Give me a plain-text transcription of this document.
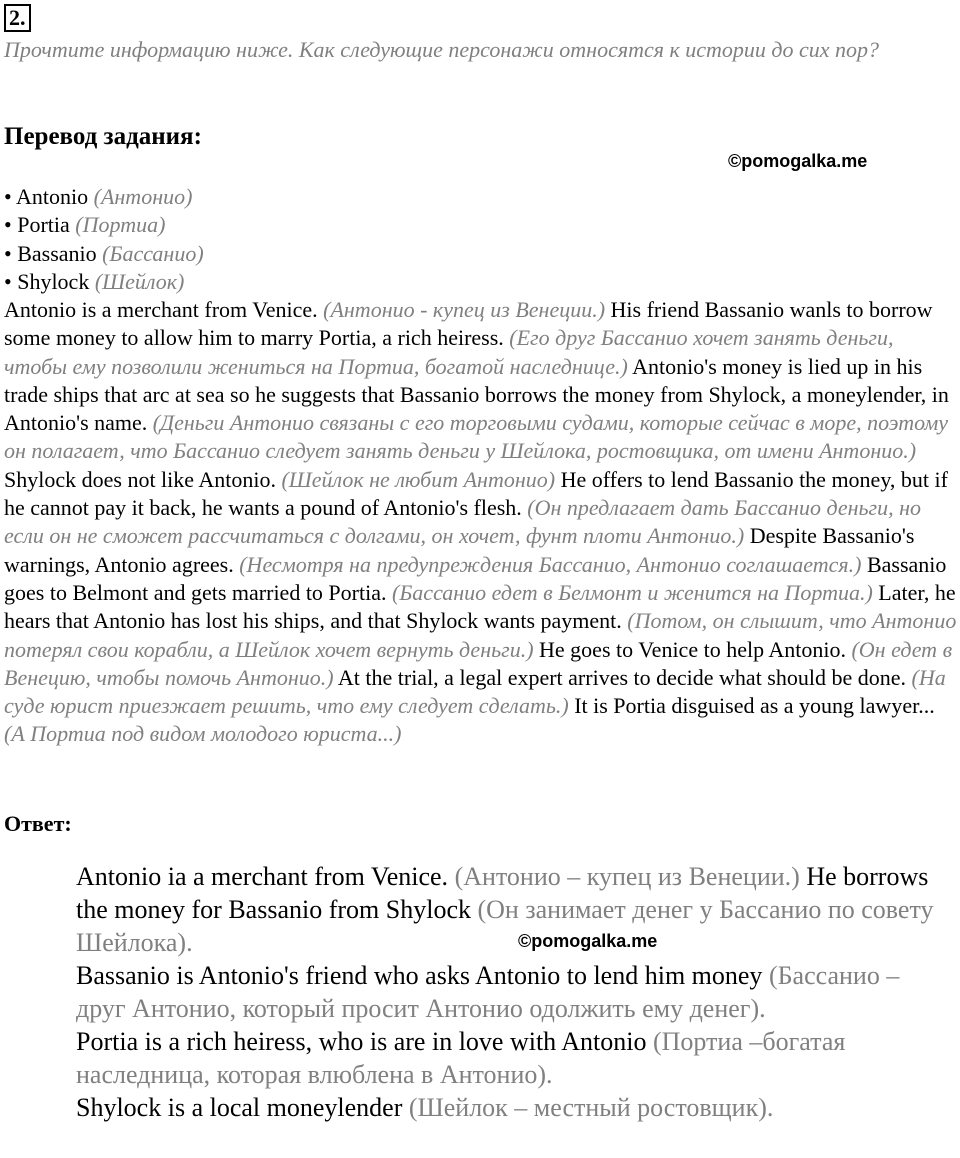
2.
Прочтите информацию ниже. Как следующие персонажи относятся к истории до сих пор?
Перевод задания:
©pomogalka.me
• Antonio (Антонио)
• Portia (Портиа)
• Bassanio (Бассанио)
• Shylock (Шейлок)
Antonio is a merchant from Venice. (Антонио - купец из Венеции.) His friend Bassanio wanls to borrow some money to allow him to marry Portia, a rich heiress. (Его друг Бассанио хочет занять деньги, чтобы ему позволили жениться на Портиа, богатой наследнице.) Antonio's money is lied up in his trade ships that arc at sea so he suggests that Bassanio borrows the money from Shylock, a moneylender, in Antonio's name. (Деньги Антонио связаны с его торговыми судами, которые сейчас в море, поэтому он полагает, что Бассанио следует занять деньги у Шейлока, ростовщика, от имени Антонио.) Shylock does not like Antonio. (Шейлок не любит Антонио) He offers to lend Bassanio the money, but if he cannot pay it back, he wants a pound of Antonio's flesh. (Он предлагает дать Бассанио деньги, но если он не сможет рассчитаться с долгами, он хочет, фунт плоти Антонио.) Despite Bassanio's warnings, Antonio agrees. (Несмотря на предупреждения Бассанио, Антонио соглашается.) Bassanio goes to Belmont and gets married to Portia. (Бассанио едет в Белмонт и женится на Портиа.) Later, he hears that Antonio has lost his ships, and that Shylock wants payment. (Потом, он слышит, что Антонио потерял свои корабли, а Шейлок хочет вернуть деньги.) He goes to Venice to help Antonio. (Он едет в Венецию, чтобы помочь Антонио.) At the trial, a legal expert arrives to decide what should be done. (На суде юрист приезжает решить, что ему следует сделать.) It is Portia disguised as a young lawyer... (А Портиа под видом молодого юриста...)
Ответ:

Antonio ia a merchant from Venice. (Антонио – купец из Венеции.) He borrows the money for Bassanio from Shylock (Он занимает денег у Бассанио по совету Шейлока).

Bassanio is Antonio's friend who asks Antonio to lend him money (Бассанио – друг Антонио, который просит Антонио одолжить ему денег).

Portia is a rich heiress, who is are in love with Antonio (Портиа –богатая наследница, которая влюблена в Антонио).

Shylock is a local moneylender (Шейлок – местный ростовщик).

©pomogalka.me
